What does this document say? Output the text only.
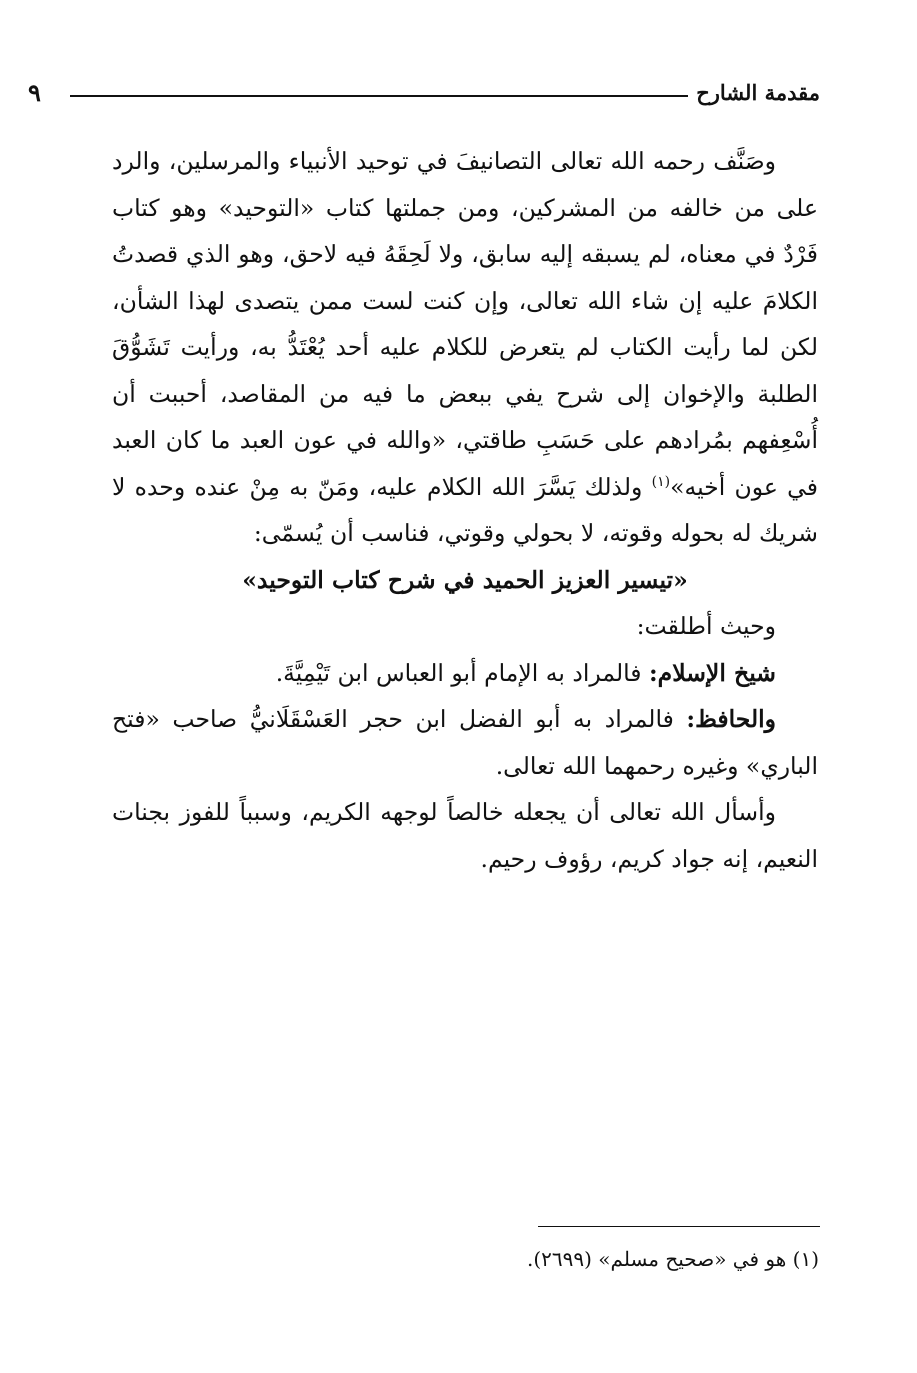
مقدمة الشارح
٩

وصَنَّف رحمه الله تعالى التصانيفَ في توحيد الأنبياء والمرسلين، والرد على من خالفه من المشركين، ومن جملتها كتاب «التوحيد» وهو كتاب فَرْدٌ في معناه، لم يسبقه إليه سابق، ولا لَحِقَهُ فيه لاحق، وهو الذي قصدتُ الكلامَ عليه إن شاء الله تعالى، وإن كنت لست ممن يتصدى لهذا الشأن، لكن لما رأيت الكتاب لم يتعرض للكلام عليه أحد يُعْتَدُّ به، ورأيت تَشَوُّقَ الطلبة والإخوان إلى شرح يفي ببعض ما فيه من المقاصد، أحببت أن أُسْعِفهم بمُرادهم على حَسَبِ طاقتي، «والله في عون العبد ما كان العبد في عون أخيه»$^{(١)}$ ولذلك يَسَّرَ الله الكلام عليه، ومَنّ به مِنْ عنده وحده لا شريك له بحوله وقوته، لا بحولي وقوتي، فناسب أن يُسمّى:

«تيسير العزيز الحميد في شرح كتاب التوحيد»

وحيث أطلقت:

شيخ الإسلام: فالمراد به الإمام أبو العباس ابن تَيْمِيَّةَ.

والحافظ: فالمراد به أبو الفضل ابن حجر العَسْقَلَانيُّ صاحب «فتح الباري» وغيره رحمهما الله تعالى.

وأسأل الله تعالى أن يجعله خالصاً لوجهه الكريم، وسبباً للفوز بجنات النعيم، إنه جواد كريم، رؤوف رحيم.

(١) هو في «صحيح مسلم» (٢٦٩٩).
